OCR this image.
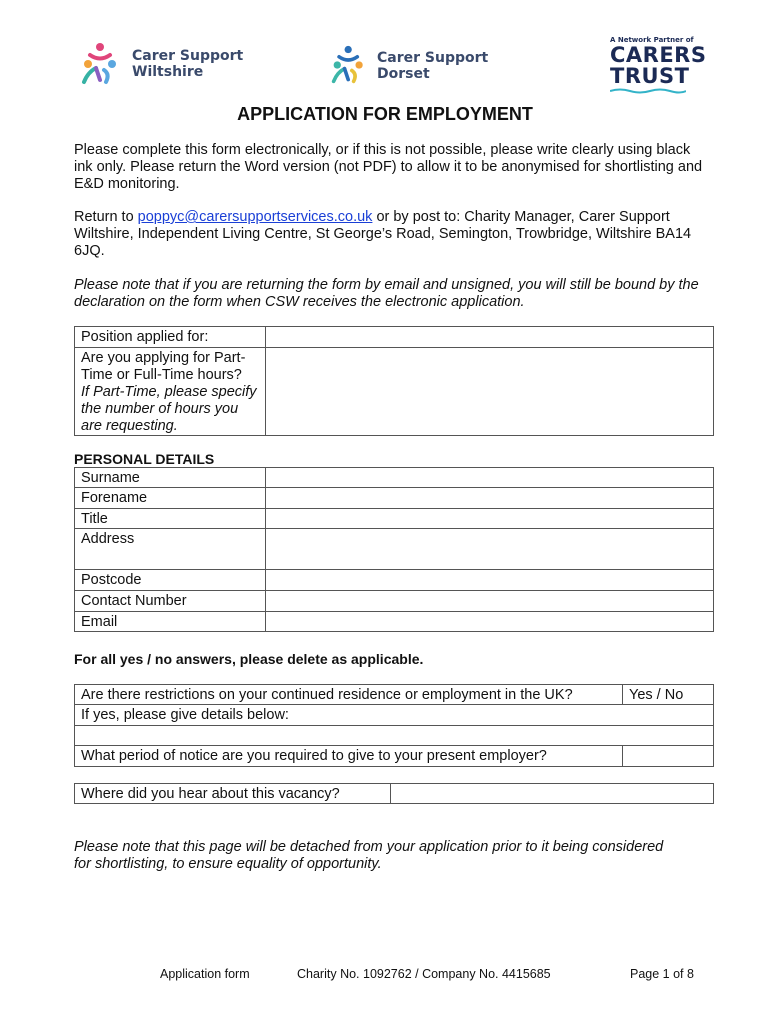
Carer Support
Wiltshire
Carer Support
Dorset
A Network Partner of
CARERS
TRUST
APPLICATION FOR EMPLOYMENT

Please complete this form electronically, or if this is not possible, please write clearly using black ink only. Please return the Word version (not PDF) to allow it to be anonymised for shortlisting and E&D monitoring.

Return to poppyc@carersupportservices.co.uk or by post to: Charity Manager, Carer Support Wiltshire, Independent Living Centre, St George’s Road, Semington, Trowbridge, Wiltshire BA14 6JQ.

Please note that if you are returning the form by email and unsigned, you will still be bound by the declaration on the form when CSW receives the electronic application.

Position applied for:	
Are you applying for Part-Time or Full-Time hours?
If Part-Time, please specify the number of hours you are requesting.	
PERSONAL DETAILS
Surname	
Forename	
Title	
Address	
Postcode	
Contact Number	
Email	
For all yes / no answers, please delete as applicable.
Are there restrictions on your continued residence or employment in the UK?	Yes / No
If yes, please give details below:	

What period of notice are you required to give to your present employer?	
Where did you hear about this vacancy?	

Please note that this page will be detached from your application prior to it being considered for shortlisting, to ensure equality of opportunity.

Application form	Charity No. 1092762 / Company No. 4415685	Page 1 of 8
